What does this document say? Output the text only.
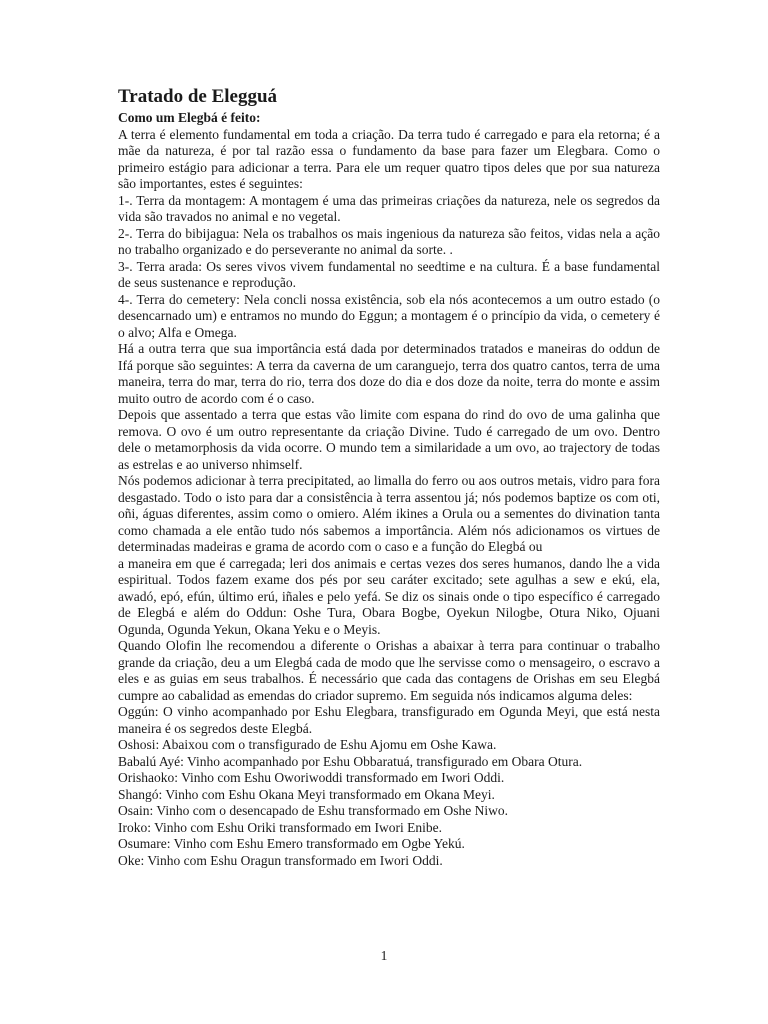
Tratado de Elegguá

Como um Elegbá é feito:

A terra é elemento fundamental em toda a criação. Da terra tudo é carregado e para ela retorna; é a mãe da natureza, é por tal razão essa o fundamento da base para fazer um Elegbara. Como o primeiro estágio para adicionar a terra. Para ele um requer quatro tipos deles que por sua natureza são importantes, estes é seguintes:

1-. Terra da montagem: A montagem é uma das primeiras criações da natureza, nele os segredos da vida são travados no animal e no vegetal.

2-. Terra do bibijagua: Nela os trabalhos os mais ingenious da natureza são feitos, vidas nela a ação no trabalho organizado e do perseverante no animal da sorte. .

3-. Terra arada: Os seres vivos vivem fundamental no seedtime e na cultura. É a base fundamental de seus sustenance e reprodução.

4-. Terra do cemetery: Nela concli nossa existência, sob ela nós acontecemos a um outro estado (o desencarnado um) e entramos no mundo do Eggun; a montagem é o princípio da vida, o cemetery é o alvo; Alfa e Omega.

Há a outra terra que sua importância está dada por determinados tratados e maneiras do oddun de Ifá porque são seguintes: A terra da caverna de um caranguejo, terra dos quatro cantos, terra de uma maneira, terra do mar, terra do rio, terra dos doze do dia e dos doze da noite, terra do monte e assim muito outro de acordo com é o caso.

Depois que assentado a terra que estas vão limite com espana do rind do ovo de uma galinha que remova. O ovo é um outro representante da criação Divine. Tudo é carregado de um ovo. Dentro dele o metamorphosis da vida ocorre. O mundo tem a similaridade a um ovo, ao trajectory de todas as estrelas e ao universo nhimself.

Nós podemos adicionar à terra precipitated, ao limalla do ferro ou aos outros metais, vidro para fora desgastado. Todo o isto para dar a consistência à terra assentou já; nós podemos baptize os com oti, oñi, águas diferentes, assim como o omiero. Além ikines a Orula ou a sementes do divination tanta como chamada a ele então tudo nós sabemos a importância. Além nós adicionamos os virtues de determinadas madeiras e grama de acordo com o caso e a função do Elegbá ou

a maneira em que é carregada; leri dos animais e certas vezes dos seres humanos, dando lhe a vida espiritual. Todos fazem exame dos pés por seu caráter excitado; sete agulhas a sew e ekú, ela, awadó, epó, efún, último erú, iñales e pelo yefá. Se diz os sinais onde o tipo específico é carregado de Elegbá e além do Oddun: Oshe Tura, Obara Bogbe, Oyekun Nilogbe, Otura Niko, Ojuani Ogunda, Ogunda Yekun, Okana Yeku e o Meyis.

Quando Olofin lhe recomendou a diferente o Orishas a abaixar à terra para continuar o trabalho grande da criação, deu a um Elegbá cada de modo que lhe servisse como o mensageiro, o escravo a eles e as guias em seus trabalhos. É necessário que cada das contagens de Orishas em seu Elegbá cumpre ao cabalidad as emendas do criador supremo. Em seguida nós indicamos alguma deles:

Oggún: O vinho acompanhado por Eshu Elegbara, transfigurado em Ogunda Meyi, que está nesta maneira é os segredos deste Elegbá.

Oshosi: Abaixou com o transfigurado de Eshu Ajomu em Oshe Kawa.

Babalú Ayé: Vinho acompanhado por Eshu Obbaratuá, transfigurado em Obara Otura.

Orishaoko: Vinho com Eshu Oworiwoddi transformado em Iwori Oddi.

Shangó: Vinho com Eshu Okana Meyi transformado em Okana Meyi.

Osain: Vinho com o desencapado de Eshu transformado em Oshe Niwo.

Iroko: Vinho com Eshu Oriki transformado em Iwori Enibe.

Osumare: Vinho com Eshu Emero transformado em Ogbe Yekú.

Oke: Vinho com Eshu Oragun transformado em Iwori Oddi.

1
